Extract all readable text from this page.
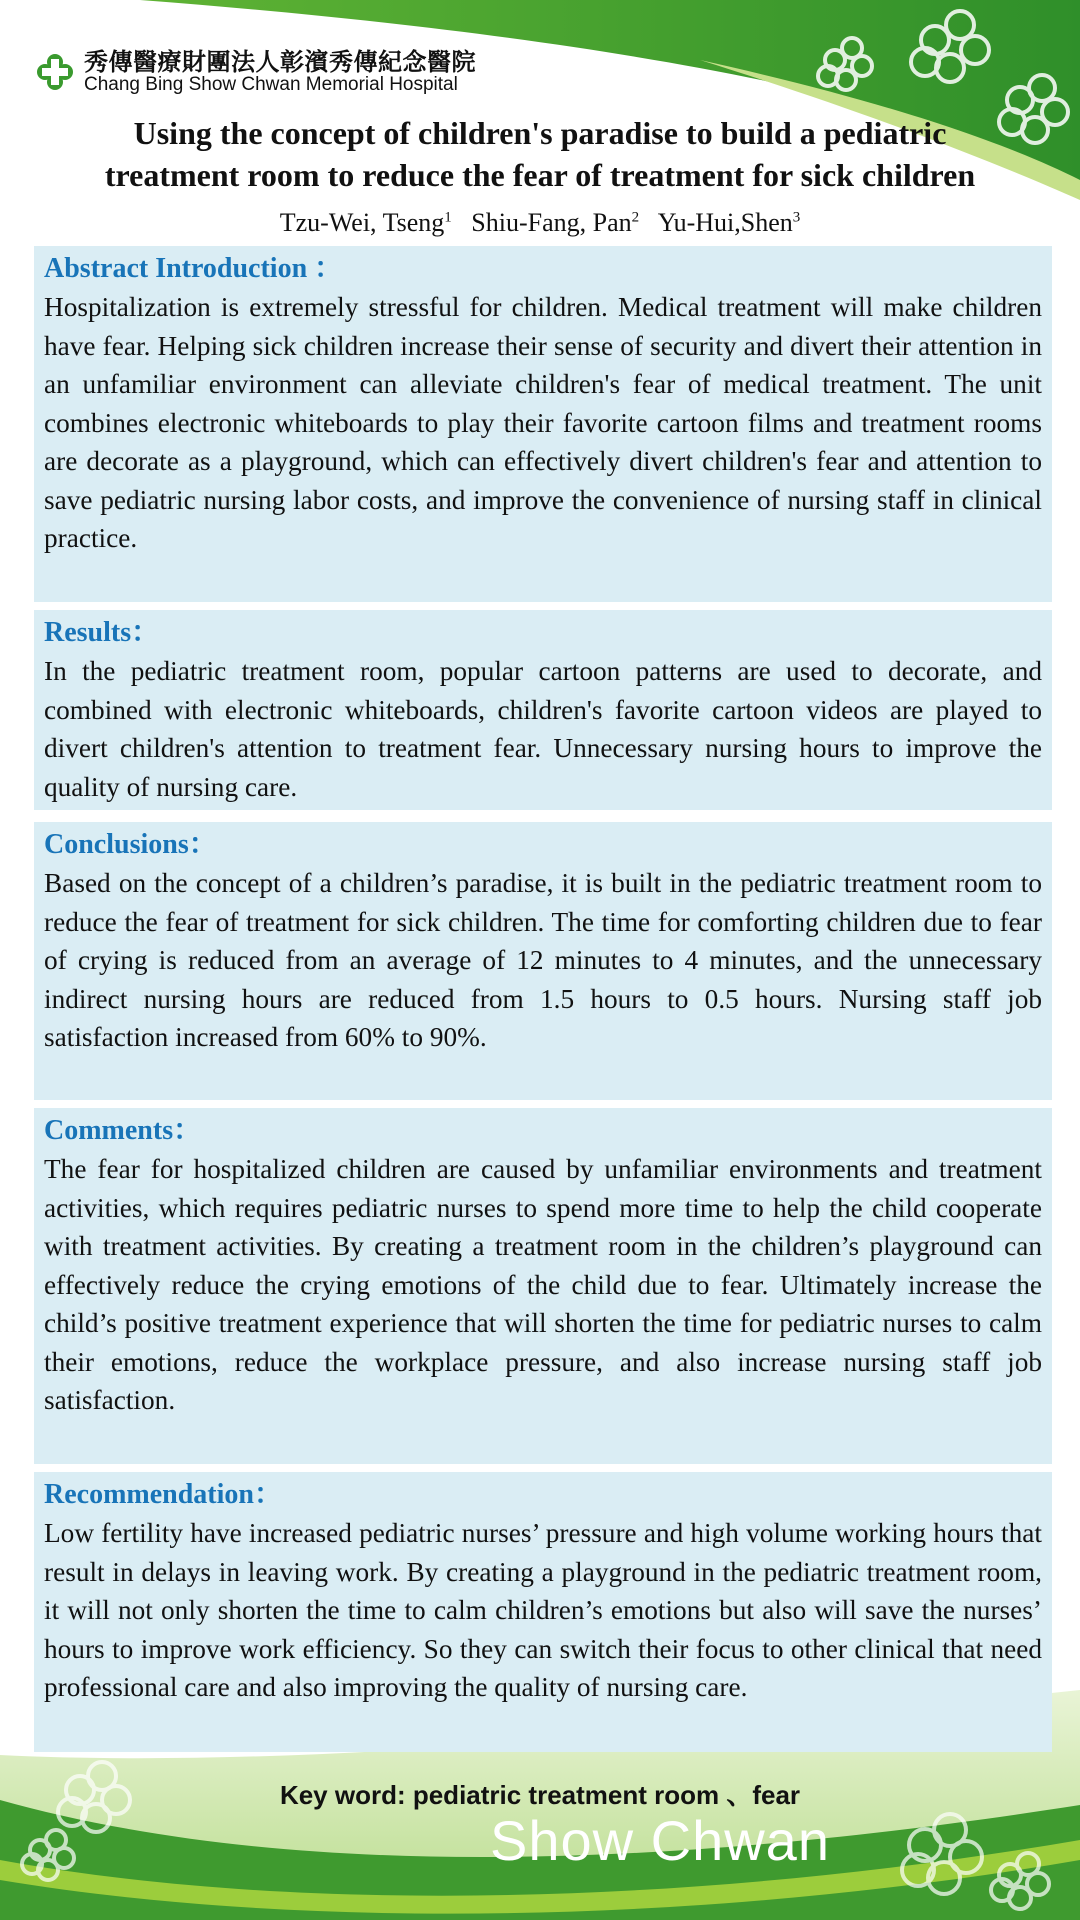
秀傳醫療財團法人彰濱秀傳紀念醫院
Chang Bing Show Chwan Memorial Hospital
Using the concept of children's paradise to build a pediatric
treatment room to reduce the fear of treatment for sick children
Tzu-Wei, Tseng$^1$ Shiu-Fang, Pan$^2$ Yu-Hui,Shen$^3$
Abstract Introduction ：
Hospitalization is extremely stressful for children. Medical treatment will make children have fear. Helping sick children increase their sense of security and divert their attention in an unfamiliar environment can alleviate children's fear of medical treatment. The unit combines electronic whiteboards to play their favorite cartoon films and treatment rooms are decorate as a playground, which can effectively divert children's fear and attention to save pediatric nursing labor costs, and improve the convenience of nursing staff in clinical practice.
Results：
In the pediatric treatment room, popular cartoon patterns are used to decorate, and combined with electronic whiteboards, children's favorite cartoon videos are played to divert children's attention to treatment fear. Unnecessary nursing hours to improve the quality of nursing care.
Conclusions：
Based on the concept of a children’s paradise, it is built in the pediatric treatment room to reduce the fear of treatment for sick children. The time for comforting children due to fear of crying is reduced from an average of 12 minutes to 4 minutes, and the unnecessary indirect nursing hours are reduced from 1.5 hours to 0.5 hours. Nursing staff job satisfaction increased from 60% to 90%.
Comments：
The fear for hospitalized children are caused by unfamiliar environments and treatment activities, which requires pediatric nurses to spend more time to help the child cooperate with treatment activities. By creating a treatment room in the children’s playground can effectively reduce the crying emotions of the child due to fear. Ultimately increase the child’s positive treatment experience that will shorten the time for pediatric nurses to calm their emotions, reduce the workplace pressure, and also increase nursing staff job satisfaction.
Recommendation：
Low fertility have increased pediatric nurses’ pressure and high volume working hours that result in delays in leaving work. By creating a playground in the pediatric treatment room, it will not only shorten the time to calm children’s emotions but also will save the nurses’ hours to improve work efficiency. So they can switch their focus to other clinical that need professional care and also improving the quality of nursing care.
Key word: pediatric treatment room 、fear
Show Chwan
